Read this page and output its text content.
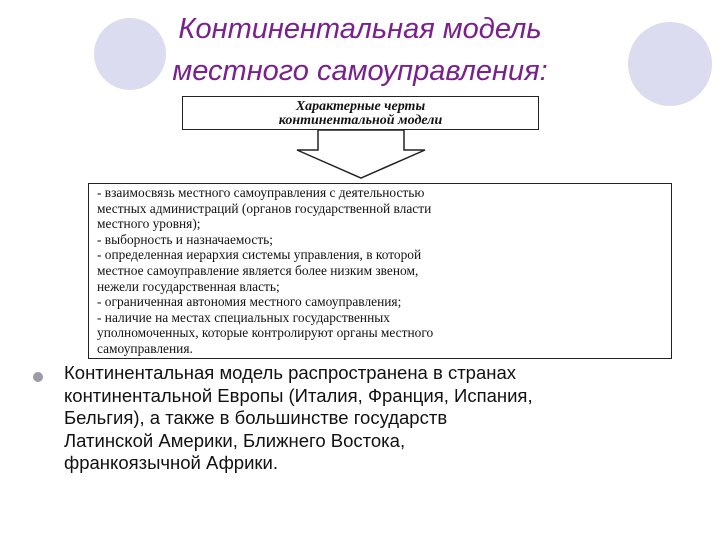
Континентальная модель
местного самоуправления:
Характерные черты
континентальной модели
- взаимосвязь местного самоуправления с деятельностью
местных администраций (органов государственной власти
местного уровня);
- выборность и назначаемость;
- определенная иерархия системы управления, в которой
местное самоуправление является более низким звеном,
нежели государственная власть;
- ограниченная автономия местного самоуправления;
- наличие на местах специальных государственных
уполномоченных, которые контролируют органы местного
самоуправления.

Континентальная модель распространена в странах
континентальной Европы (Италия, Франция, Испания,
Бельгия), а также в большинстве государств
Латинской Америки, Ближнего Востока,
франкоязычной Африки.
